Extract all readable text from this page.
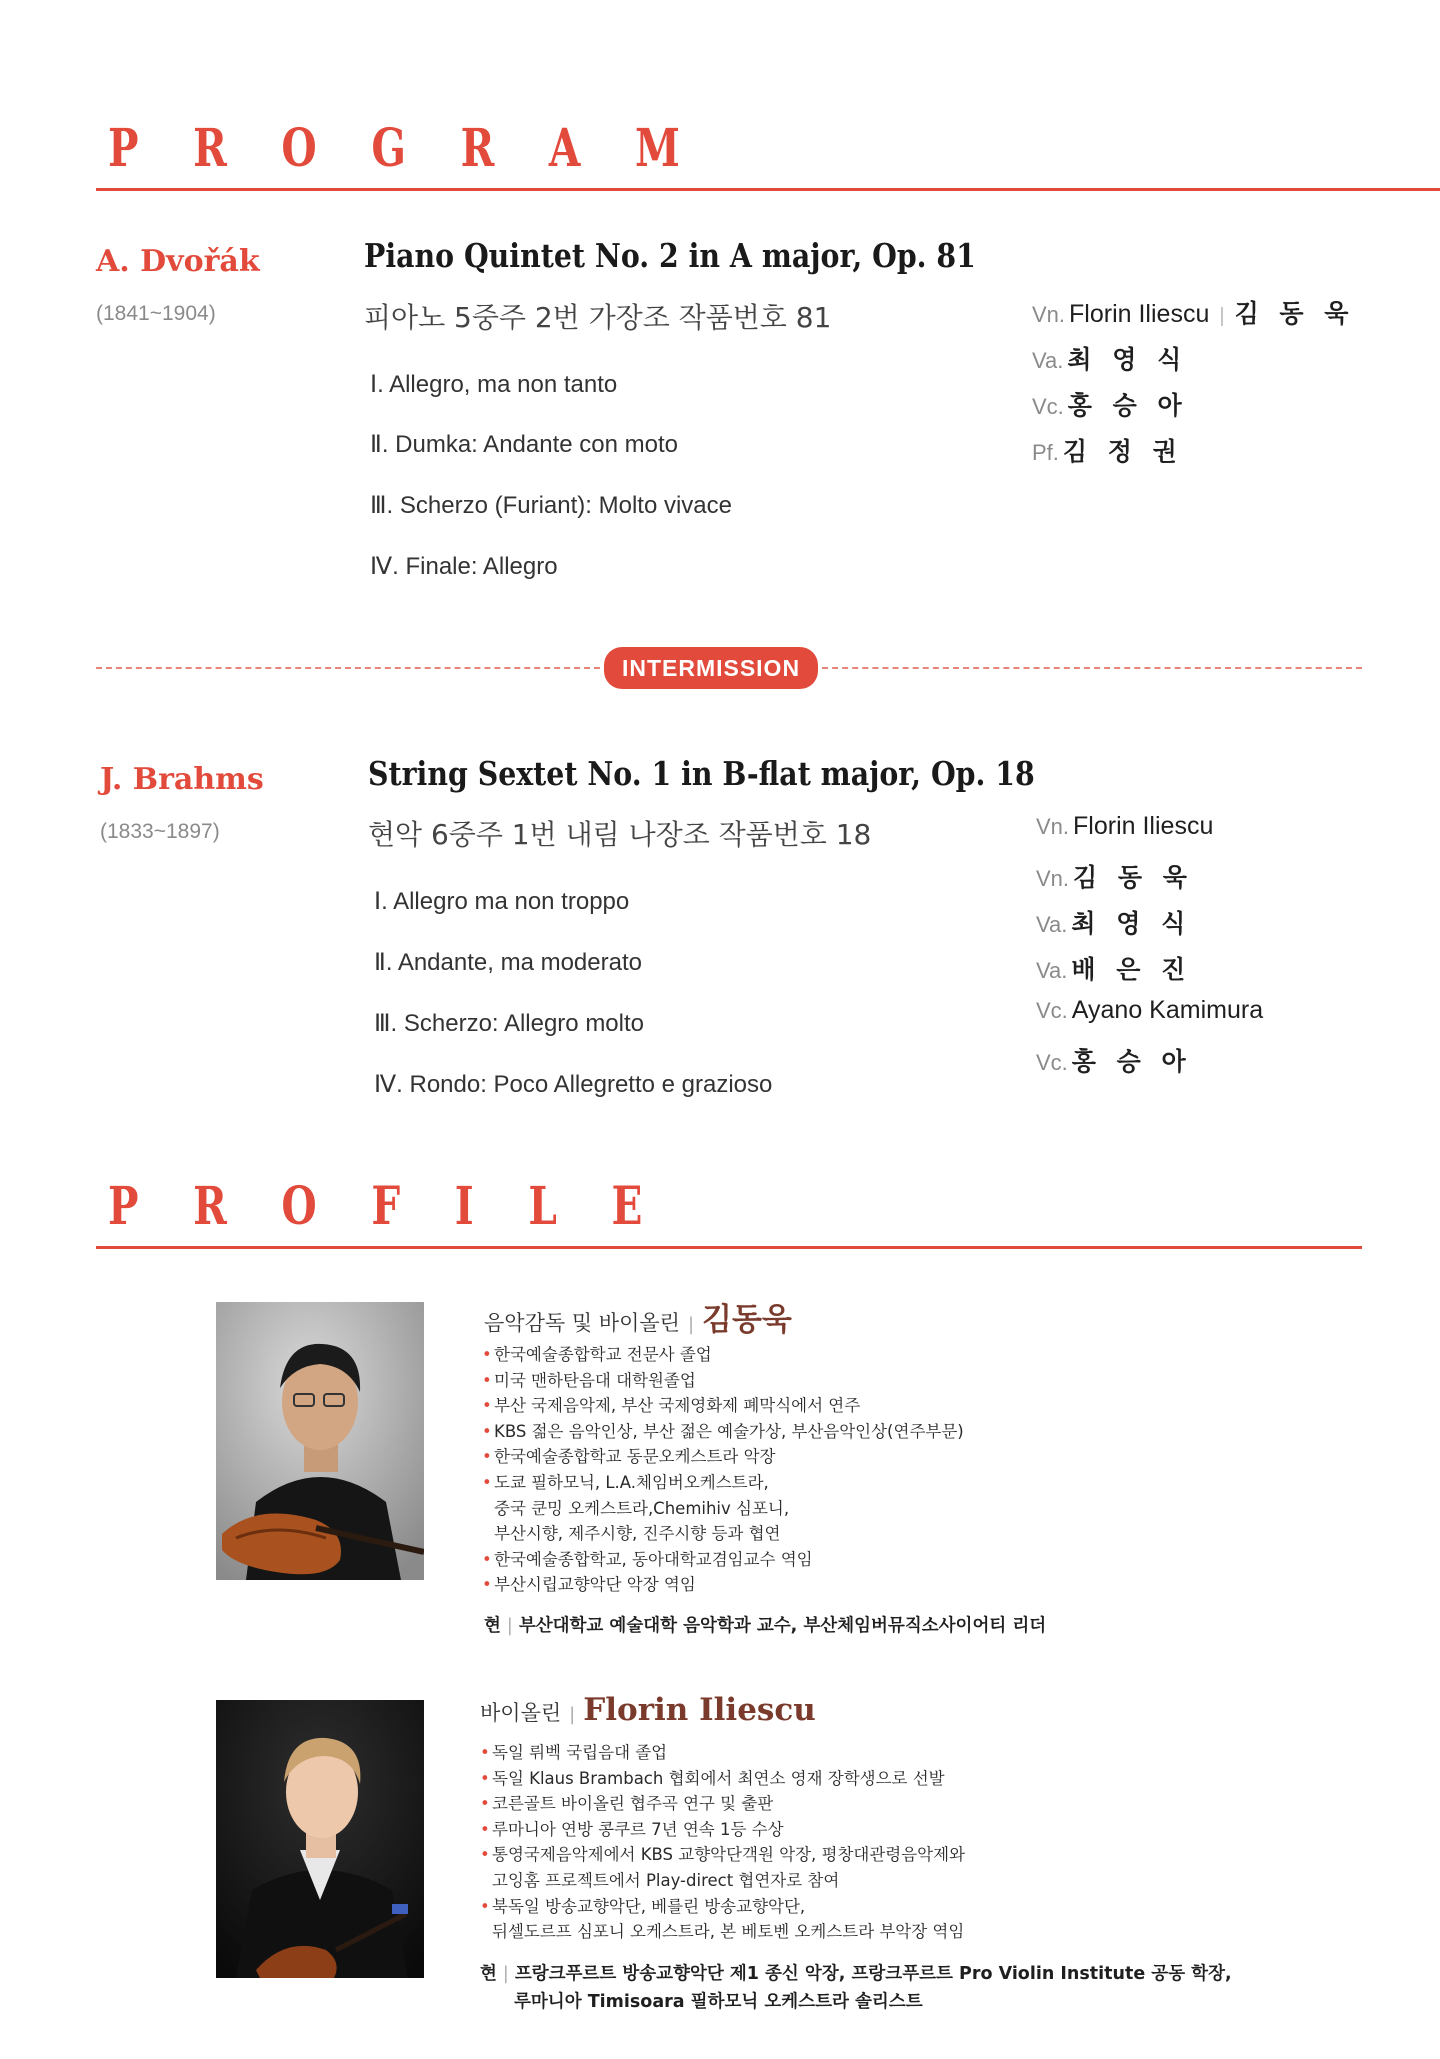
P R O G R A M
A. Dvořák
(1841~1904)
Piano Quintet No. 2 in A major, Op. 81
피아노 5중주 2번 가장조 작품번호 81
Ⅰ. Allegro, ma non tanto
Ⅱ. Dumka: Andante con moto
Ⅲ. Scherzo (Furiant): Molto vivace
Ⅳ. Finale: Allegro
Vn. Florin Iliescu | 김 동 욱
Va. 최 영 식
Vc. 홍 승 아
Pf. 김 정 권
INTERMISSION
J. Brahms
(1833~1897)
String Sextet No. 1 in B-flat major, Op. 18
현악 6중주 1번 내림 나장조 작품번호 18
Ⅰ. Allegro ma non troppo
Ⅱ. Andante, ma moderato
Ⅲ. Scherzo: Allegro molto
Ⅳ. Rondo: Poco Allegretto e grazioso
Vn. Florin Iliescu
Vn. 김 동 욱
Va. 최 영 식
Va. 배 은 진
Vc. Ayano Kamimura
Vc. 홍 승 아
P R O F I L E
음악감독 및 바이올린 | 김동욱
• 한국예술종합학교 전문사 졸업
• 미국 맨하탄음대 대학원졸업
• 부산 국제음악제, 부산 국제영화제 폐막식에서 연주
• KBS 젊은 음악인상, 부산 젊은 예술가상, 부산음악인상(연주부문)
• 한국예술종합학교 동문오케스트라 악장
• 도쿄 필하모닉, L.A.체임버오케스트라,
중국 쿤밍 오케스트라,Chemihiv 심포니,
부산시향, 제주시향, 진주시향 등과 협연
• 한국예술종합학교, 동아대학교겸임교수 역임
• 부산시립교향악단 악장 역임
현 | 부산대학교 예술대학 음악학과 교수, 부산체임버뮤직소사이어티 리더
바이올린 | Florin Iliescu
• 독일 뤼벡 국립음대 졸업
• 독일 Klaus Brambach 협회에서 최연소 영재 장학생으로 선발
• 코른골트 바이올린 협주곡 연구 및 출판
• 루마니아 연방 콩쿠르 7년 연속 1등 수상
• 통영국제음악제에서 KBS 교향악단객원 악장, 평창대관령음악제와
고잉홈 프로젝트에서 Play-direct 협연자로 참여
• 북독일 방송교향악단, 베를린 방송교향악단,
뒤셀도르프 심포니 오케스트라, 본 베토벤 오케스트라 부악장 역임
현 | 프랑크푸르트 방송교향악단 제1 종신 악장, 프랑크푸르트 Pro Violin Institute 공동 학장,
루마니아 Timisoara 필하모닉 오케스트라 솔리스트
